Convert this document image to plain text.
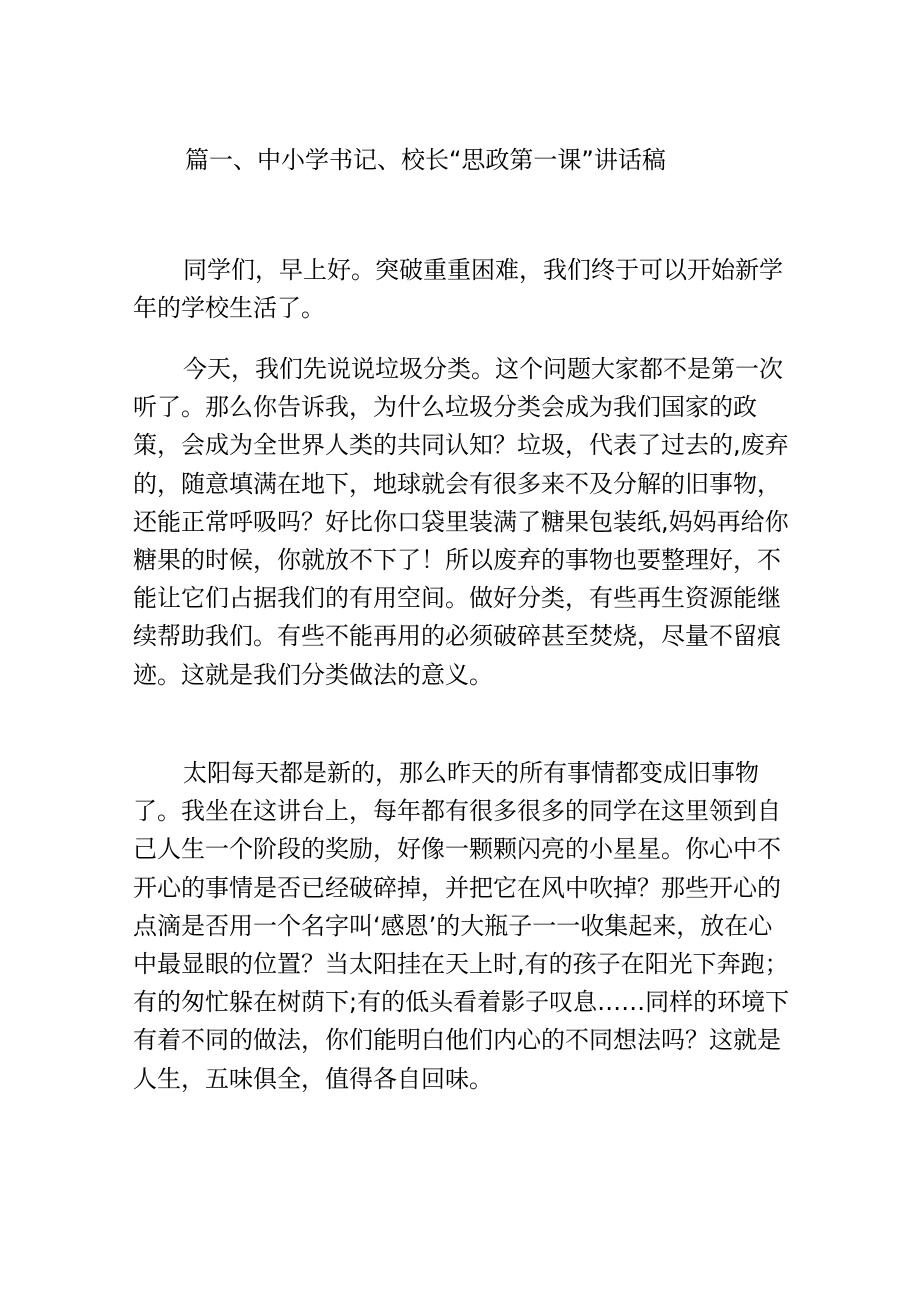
篇一、中小学书记、校长“思政第一课”讲话稿

同学们，早上好。突破重重困难，我们终于可以开始新学年的学校生活了。

今天，我们先说说垃圾分类。这个问题大家都不是第一次听了。那么你告诉我，为什么垃圾分类会成为我们国家的政策，会成为全世界人类的共同认知？垃圾，代表了过去的,废弃的，随意填满在地下，地球就会有很多来不及分解的旧事物，还能正常呼吸吗？好比你口袋里装满了糖果包装纸,妈妈再给你糖果的时候，你就放不下了！所以废弃的事物也要整理好，不能让它们占据我们的有用空间。做好分类，有些再生资源能继续帮助我们。有些不能再用的必须破碎甚至焚烧，尽量不留痕迹。这就是我们分类做法的意义。

太阳每天都是新的，那么昨天的所有事情都变成旧事物了。我坐在这讲台上，每年都有很多很多的同学在这里领到自己人生一个阶段的奖励，好像一颗颗闪亮的小星星。你心中不开心的事情是否已经破碎掉，并把它在风中吹掉？那些开心的点滴是否用一个名字叫‘感恩’的大瓶子一一收集起来，放在心中最显眼的位置？当太阳挂在天上时,有的孩子在阳光下奔跑；有的匆忙躲在树荫下;有的低头看着影子叹息……同样的环境下有着不同的做法，你们能明白他们内心的不同想法吗？这就是人生，五味俱全，值得各自回味。
